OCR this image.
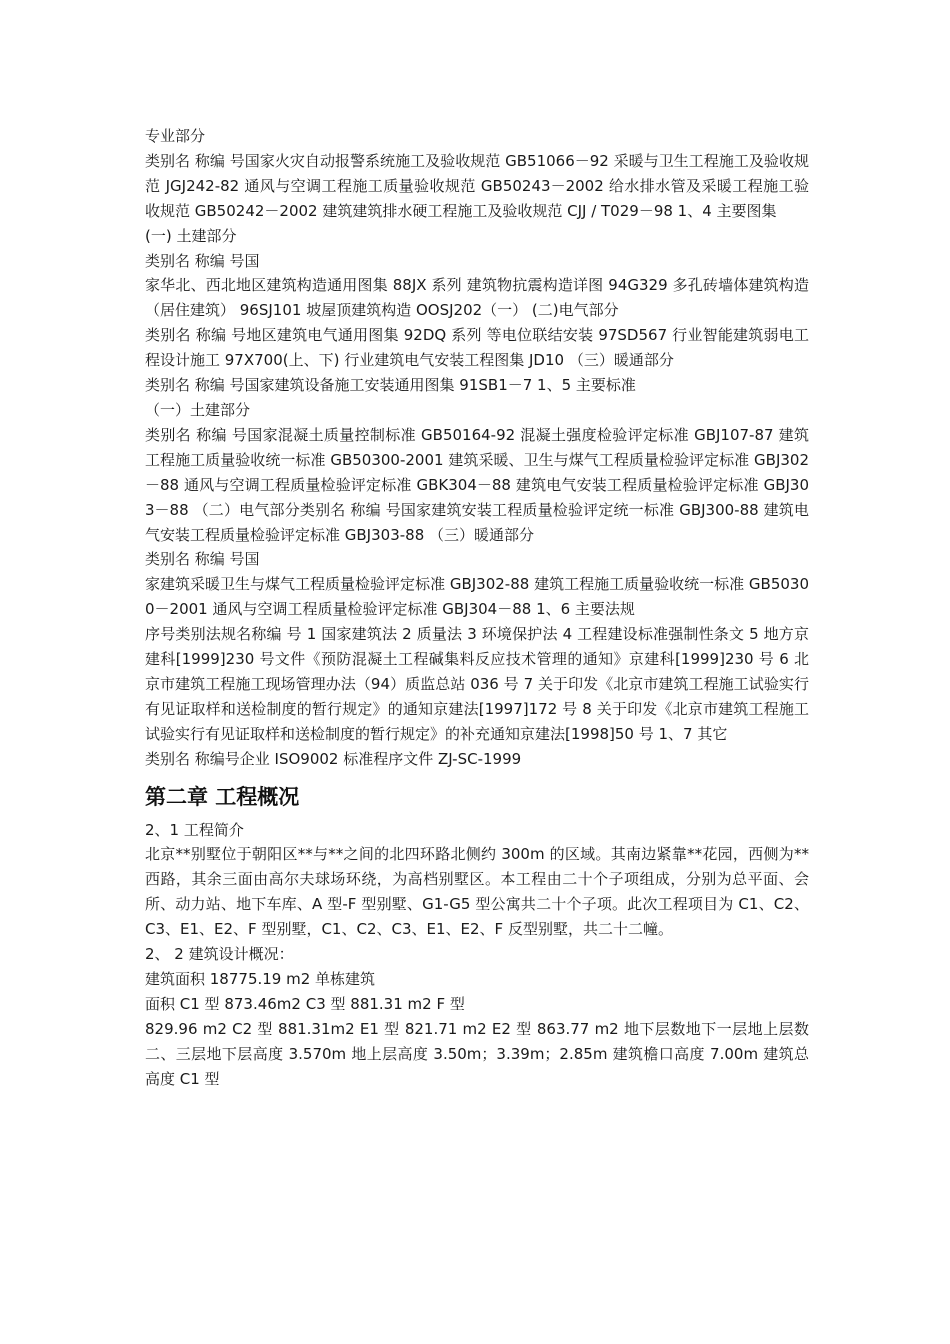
专业部分

类别名 称编 号国家火灾自动报警系统施工及验收规范 GB51066－92 采暖与卫生工程施工及验收规范 JGJ242-82 通风与空调工程施工质量验收规范 GB50243－2002 给水排水管及采暖工程施工验收规范 GB50242－2002 建筑建筑排水硬工程施工及验收规范 CJJ / T029－98 1、4 主要图集

(一) 土建部分

类别名 称编 号国

家华北、西北地区建筑构造通用图集 88JX 系列 建筑物抗震构造详图 94G329 多孔砖墙体建筑构造（居住建筑） 96SJ101 坡屋顶建筑构造 OOSJ202（一） (二)电气部分

类别名 称编 号地区建筑电气通用图集 92DQ 系列 等电位联结安装 97SD567 行业智能建筑弱电工程设计施工 97X700(上、下) 行业建筑电气安装工程图集 JD10 （三）暖通部分

类别名 称编 号国家建筑设备施工安装通用图集 91SB1－7 1、5 主要标准

（一）土建部分

类别名 称编 号国家混凝土质量控制标准 GB50164-92 混凝土强度检验评定标准 GBJ107-87 建筑工程施工质量验收统一标准 GB50300-2001 建筑采暖、卫生与煤气工程质量检验评定标准 GBJ302－88 通风与空调工程质量检验评定标准 GBK304－88 建筑电气安装工程质量检验评定标准 GBJ303－88 （二）电气部分类别名 称编 号国家建筑安装工程质量检验评定统一标准 GBJ300-88 建筑电气安装工程质量检验评定标准 GBJ303-88 （三）暖通部分

类别名 称编 号国

家建筑采暖卫生与煤气工程质量检验评定标准 GBJ302-88 建筑工程施工质量验收统一标准 GB50300－2001 通风与空调工程质量检验评定标准 GBJ304－88 1、6 主要法规

序号类别法规名称编 号 1 国家建筑法 2 质量法 3 环境保护法 4 工程建设标准强制性条文 5 地方京建科[1999]230 号文件《预防混凝土工程碱集料反应技术管理的通知》京建科[1999]230 号 6 北京市建筑工程施工现场管理办法（94）质监总站 036 号 7 关于印发《北京市建筑工程施工试验实行有见证取样和送检制度的暂行规定》的通知京建法[1997]172 号 8 关于印发《北京市建筑工程施工试验实行有见证取样和送检制度的暂行规定》的补充通知京建法[1998]50 号 1、7 其它

类别名 称编号企业 ISO9002 标准程序文件 ZJ-SC-1999

第二章 工程概况

2、1 工程简介

北京**别墅位于朝阳区**与**之间的北四环路北侧约 300m 的区域。其南边紧靠**花园，西侧为**西路，其余三面由高尔夫球场环绕，为高档别墅区。本工程由二十个子项组成，分别为总平面、会所、动力站、地下车库、A 型-F 型别墅、G1-G5 型公寓共二十个子项。此次工程项目为 C1、C2、C3、E1、E2、F 型别墅，C1、C2、C3、E1、E2、F 反型别墅，共二十二幢。

2、 2 建筑设计概况：

建筑面积 18775.19 m2 单栋建筑

面积 C1 型 873.46m2 C3 型 881.31 m2 F 型

829.96 m2 C2 型 881.31m2 E1 型 821.71 m2 E2 型 863.77 m2 地下层数地下一层地上层数二、三层地下层高度 3.570m 地上层高度 3.50m；3.39m；2.85m 建筑檐口高度 7.00m 建筑总高度 C1 型
